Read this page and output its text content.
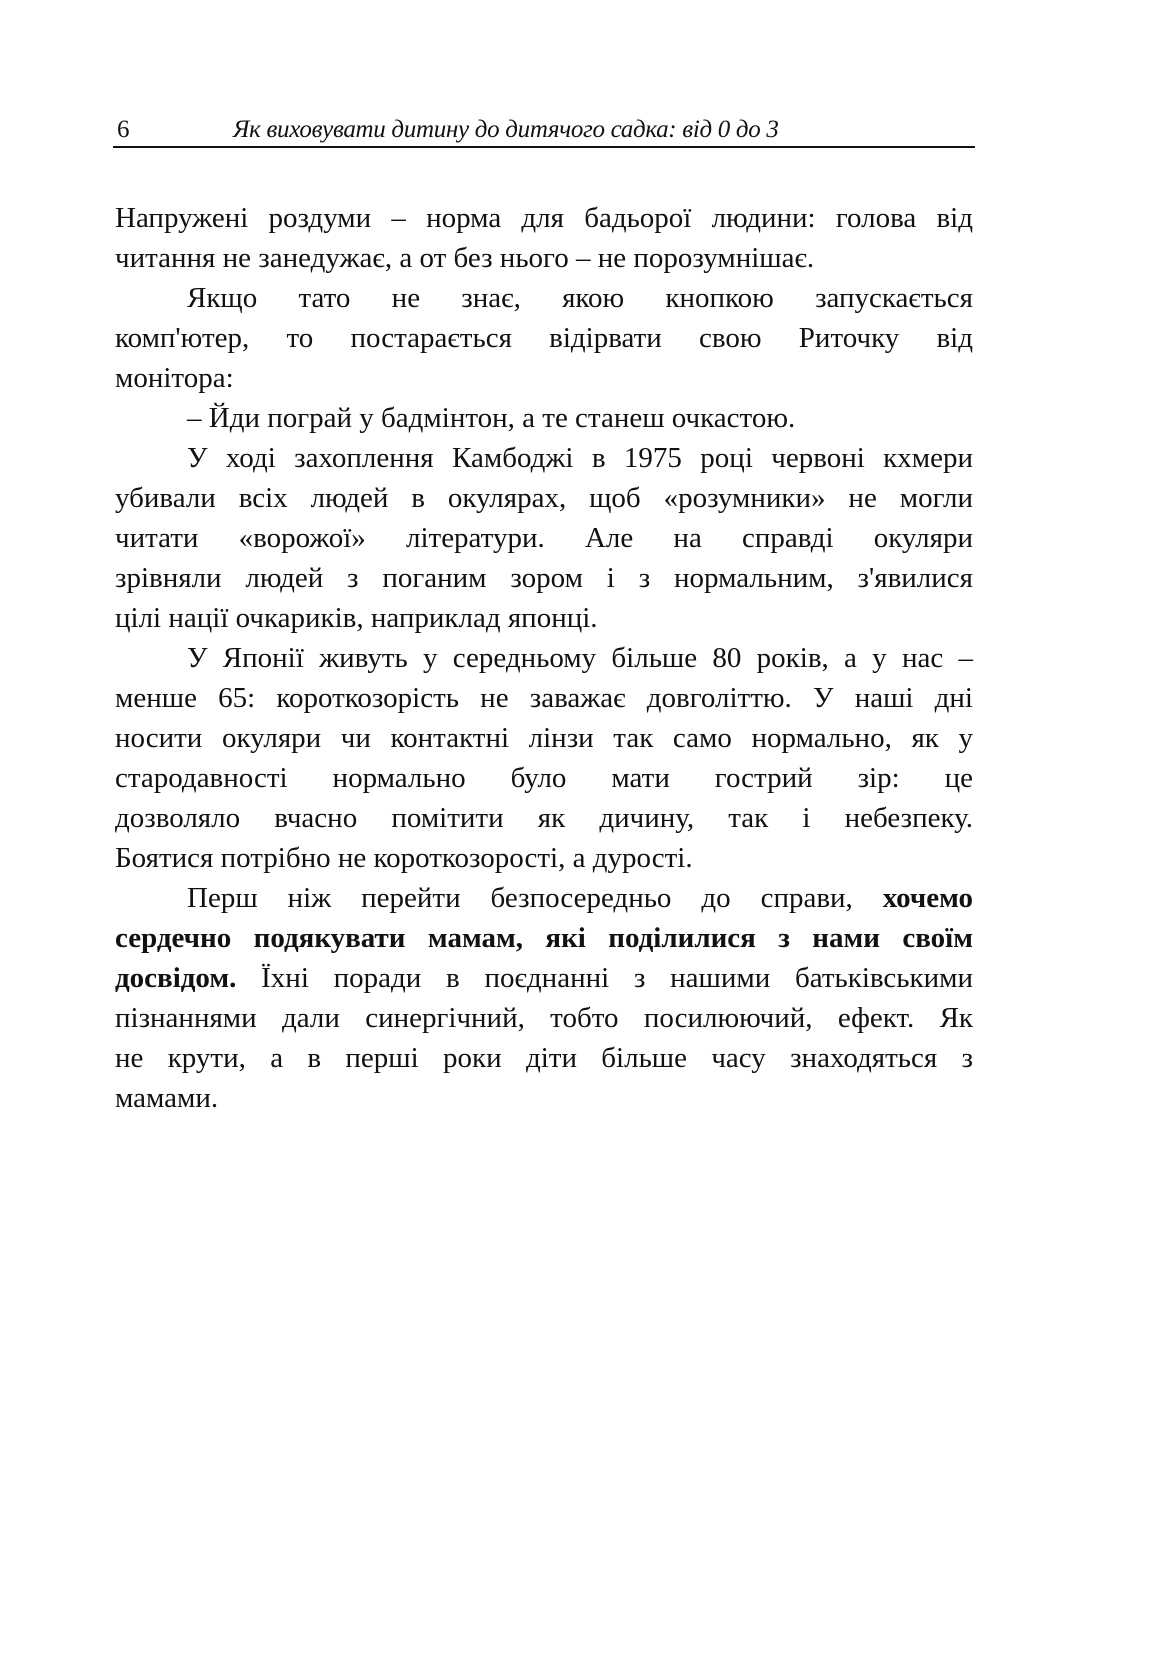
6	Як виховувати дитину до дитячого садка: від 0 до 3
Напружені роздуми – норма для бадьорої людини: голова від
читання не занедужає, а от без нього – не порозумнішає.
Якщо тато не знає, якою кнопкою запускається
комп'ютер, то постарається відірвати свою Риточку від
монітора:
– Йди пограй у бадмінтон, а те станеш очкастою.
У ході захоплення Камбоджі в 1975 році червоні кхмери
убивали всіх людей в окулярах, щоб «розумники» не могли
читати «ворожої» літератури. Але на справді окуляри
зрівняли людей з поганим зором і з нормальним, з'явилися
цілі нації очкариків, наприклад японці.
У Японії живуть у середньому більше 80 років, а у нас –
менше 65: короткозорість не заважає довголіттю. У наші дні
носити окуляри чи контактні лінзи так само нормально, як у
стародавності нормально було мати гострий зір: це
дозволяло вчасно помітити як дичину, так і небезпеку.
Боятися потрібно не короткозорості, а дурості.
Перш ніж перейти безпосередньо до справи, хочемо
сердечно подякувати мамам, які поділилися з нами своїм
досвідом. Їхні поради в поєднанні з нашими батьківськими
пізнаннями дали синергічний, тобто посилюючий, ефект. Як
не крути, а в перші роки діти більше часу знаходяться з
мамами.
